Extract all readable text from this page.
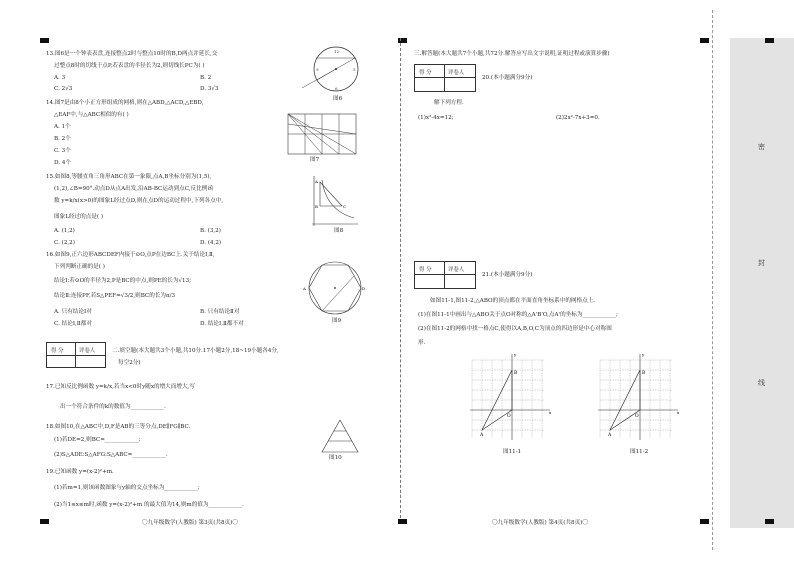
密
封
线
13.图6是一个钟表表盘,连接整点2时与整点10时的B,D两点并延长,交
过整点8时的切线于点P,若表盘的半径长为2,则切线长PC为( )
A. 3	B. 2
C. 2√3	D. 3√3
12
3
6
9
图6
14.图7是由8个小正方形组成的网格,则在△ABD,△ACD,△EBD,
△EAF中,与△ABC相似的有( )
A. 1个
B. 2个
C. 3个
D. 4个	图7
15.如图8,等腰直角三角形ABC在第一象限,点A,B坐标分别为(1,5),
(1,2),∠B=90°.动点D从点A出发,沿AB-BC运动到点C,反比例函
数 y=k/x(x>0)的图象L经过点D,则在点D的运动过程中,下列各点中,
图象L经过的点是( )
A. (1,2)	B. (3,2)
C. (2,2)	D. (4,2)
A
B	C
图8
16.如图9,正六边形ABCDEF内接于⊙O,点P在边BC上.关于结论Ⅰ,Ⅱ,
下列判断正确的是( )
结论Ⅰ:若⊙O的半径为2,P是BC的中点,则PE的长为√13;
结论Ⅱ:连接PF,若S△PEF=√3/2,则BC的长为π/3
A. 只有结论Ⅰ对	B. 只有结论Ⅱ对
C. 结论Ⅰ,Ⅱ都对	D. 结论Ⅰ,Ⅱ都不对
A	D
图9
得 分	评卷人	二.填空题(本大题共3个小题,共10分.17小题2分,18~19小题各4分,
每空2分)
17.已知反比例函数 y=k/x,若当x<0时y随x的增大而增大,写
出一个符合条件的k的数值为____________.
18.如图10,在△ABC中,D,F是AB的三等分点,DE∥FG∥BC.
(1)若DE=2,则BC=____________;
(2)S△ADE:S△AFG:S△ABC=____________.	图10
19.已知函数 y=(x-2)²+m.
(1)若m=1,则该函数图象与y轴的交点坐标为____________;
(2)当1≤x≤m时,函数 y=(x-2)²+m 的最大值为14,则m的值为____________.
〇九年级数学(人教版) 第3页(共8页)〇
三.解答题(本大题共7个小题,共72分.解答应写出文字说明,证明过程或演算步骤)
得 分	评卷人
20.(本小题满分9分)
解下列方程.
(1)x²-4x=12;	(2)2x²-7x+3=0.
得 分	评卷人
21.(本小题满分9分)
如图11-1,图11-2,△ABO的顶点都在平面直角坐标系中的网格点上.
(1)在图11-1中画出与△ABO关于点O对称的△A'B'O,点A'的坐标为____________;
(2)在图11-2的网格中找一格点C,使得以A,B,O,C为顶点的四边形是中心对称图
形.
A
B
O
x
y
图11-1
A
B
O
x
y
图11-2
〇九年级数学(人教版) 第4页(共8页)〇
